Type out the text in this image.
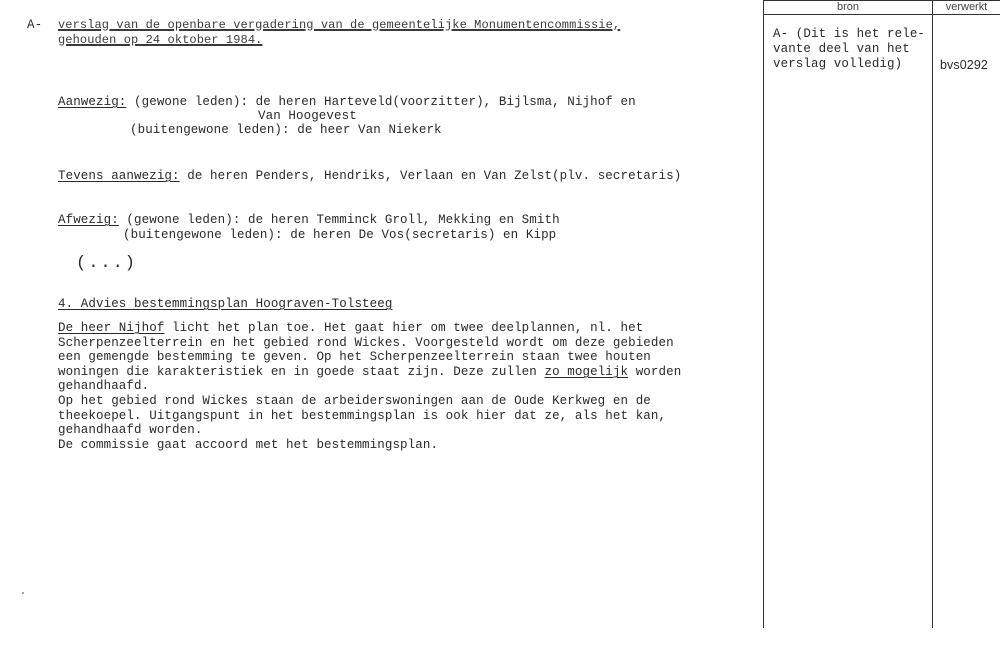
bron	verwerkt
A- (Dit is het rele-
vante deel van het
verslag volledig)	bvs0292
A- verslag van de openbare vergadering van de gemeentelijke Monumentencommissie,
gehouden op 24 oktober 1984.
Aanwezig: (gewone leden): de heren Harteveld(voorzitter), Bijlsma, Nijhof en
Van Hoogevest
(buitengewone leden): de heer Van Niekerk
Tevens aanwezig: de heren Penders, Hendriks, Verlaan en Van Zelst(plv. secretaris)
Afwezig: (gewone leden): de heren Temminck Groll, Mekking en Smith
(buitengewone leden): de heren De Vos(secretaris) en Kipp
(...)
4. Advies bestemmingsplan Hoograven-Tolsteeg
De heer Nijhof licht het plan toe. Het gaat hier om twee deelplannen, nl. het
Scherpenzeelterrein en het gebied rond Wickes. Voorgesteld wordt om deze gebieden
een gemengde bestemming te geven. Op het Scherpenzeelterrein staan twee houten
woningen die karakteristiek en in goede staat zijn. Deze zullen zo mogelijk worden
gehandhaafd.
Op het gebied rond Wickes staan de arbeiderswoningen aan de Oude Kerkweg en de
theekoepel. Uitgangspunt in het bestemmingsplan is ook hier dat ze, als het kan,
gehandhaafd worden.
De commissie gaat accoord met het bestemmingsplan.
